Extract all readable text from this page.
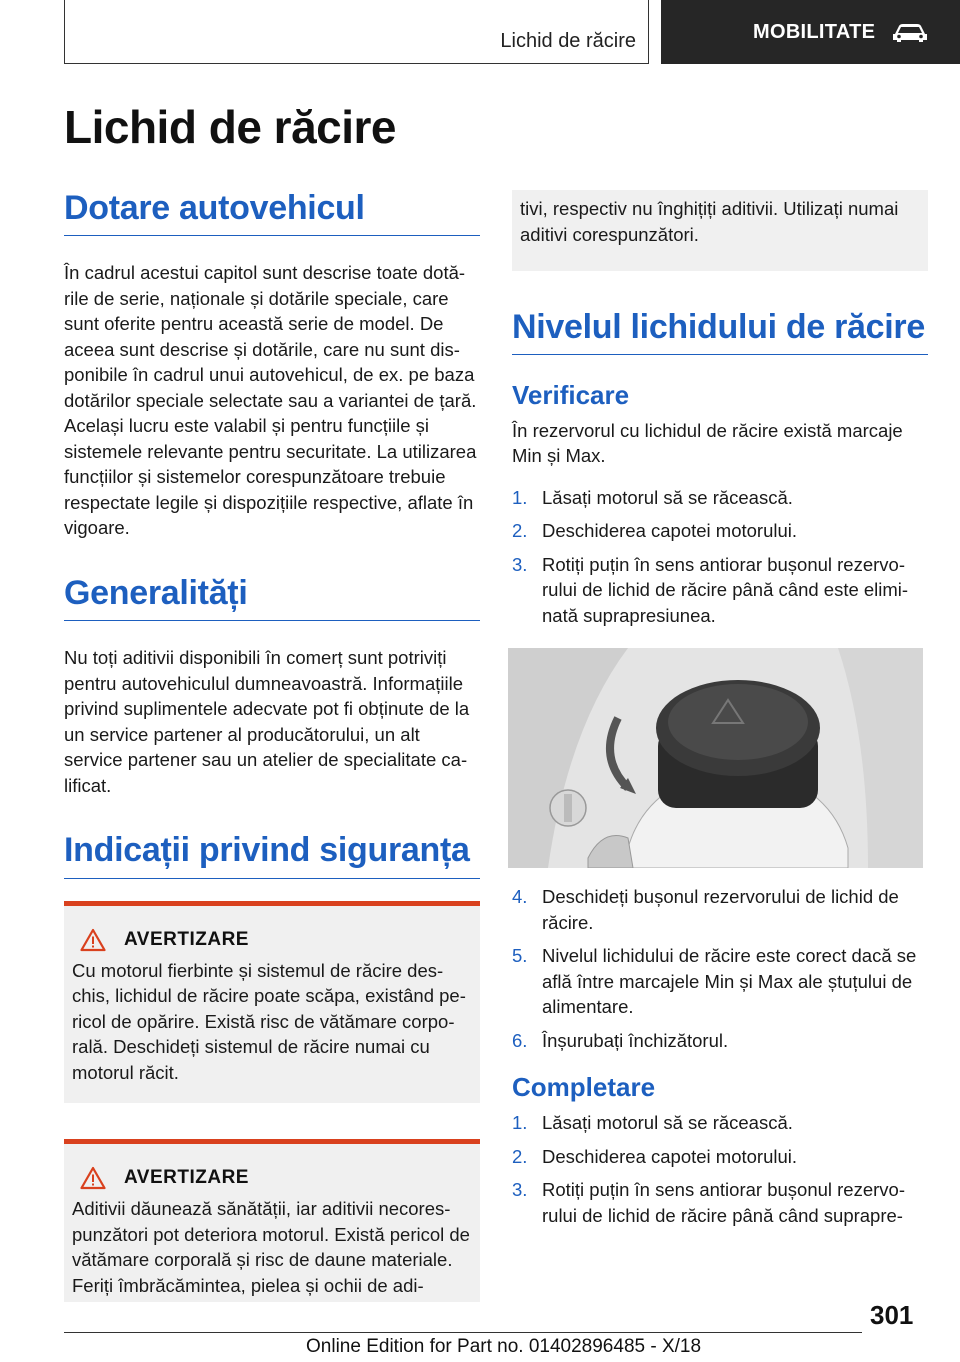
Lichid de răcire	MOBILITATE
Lichid de răcire
Dotare autovehicul
În cadrul acestui capitol sunt descrise toate dotările de serie, naționale și dotările speciale, care sunt oferite pentru această serie de model. De aceea sunt descrise și dotările, care nu sunt disponibile în cadrul unui autovehicul, de ex. pe baza dotărilor speciale selectate sau a variantei de țară. Același lucru este valabil și pentru funcțiile și sistemele relevante pentru securitate. La utilizarea funcțiilor și sistemelor corespunzătoare trebuie respectate legile și dispozițiile respective, aflate în vigoare.
Generalități
Nu toți aditivii disponibili în comerț sunt potriviți pentru autovehiculul dumneavoastră. Informațiile privind suplimentele adecvate pot fi obținute de la un service partener al producătorului, un alt service partener sau un atelier de specialitate calificat.
Indicații privind siguranța
AVERTIZARE
Cu motorul fierbinte și sistemul de răcire deschis, lichidul de răcire poate scăpa, existând pericol de opărire. Există risc de vătămare corporală. Deschideți sistemul de răcire numai cu motorul răcit.
AVERTIZARE
Aditivii dăunează sănătății, iar aditivii necorespunzători pot deteriora motorul. Există pericol de vătămare corporală și risc de daune materiale. Feriți îmbrăcămintea, pielea și ochii de adi-
tivi, respectiv nu înghițiți aditivii. Utilizați numai aditivi corespunzători.
Nivelul lichidului de răcire
Verificare
În rezervorul cu lichidul de răcire există marcaje Min și Max.
1. Lăsați motorul să se răcească.
2. Deschiderea capotei motorului.
3. Rotiți puțin în sens antiorar bușonul rezervorului de lichid de răcire până când este eliminată suprapresiunea.
4. Deschideți bușonul rezervorului de lichid de răcire.
5. Nivelul lichidului de răcire este corect dacă se află între marcajele Min și Max ale ștuțului de alimentare.
6. Înșurubați închizătorul.
Completare
1. Lăsați motorul să se răcească.
2. Deschiderea capotei motorului.
3. Rotiți puțin în sens antiorar bușonul rezervorului de lichid de răcire până când suprapre-
301
Online Edition for Part no. 01402896485 - X/18
